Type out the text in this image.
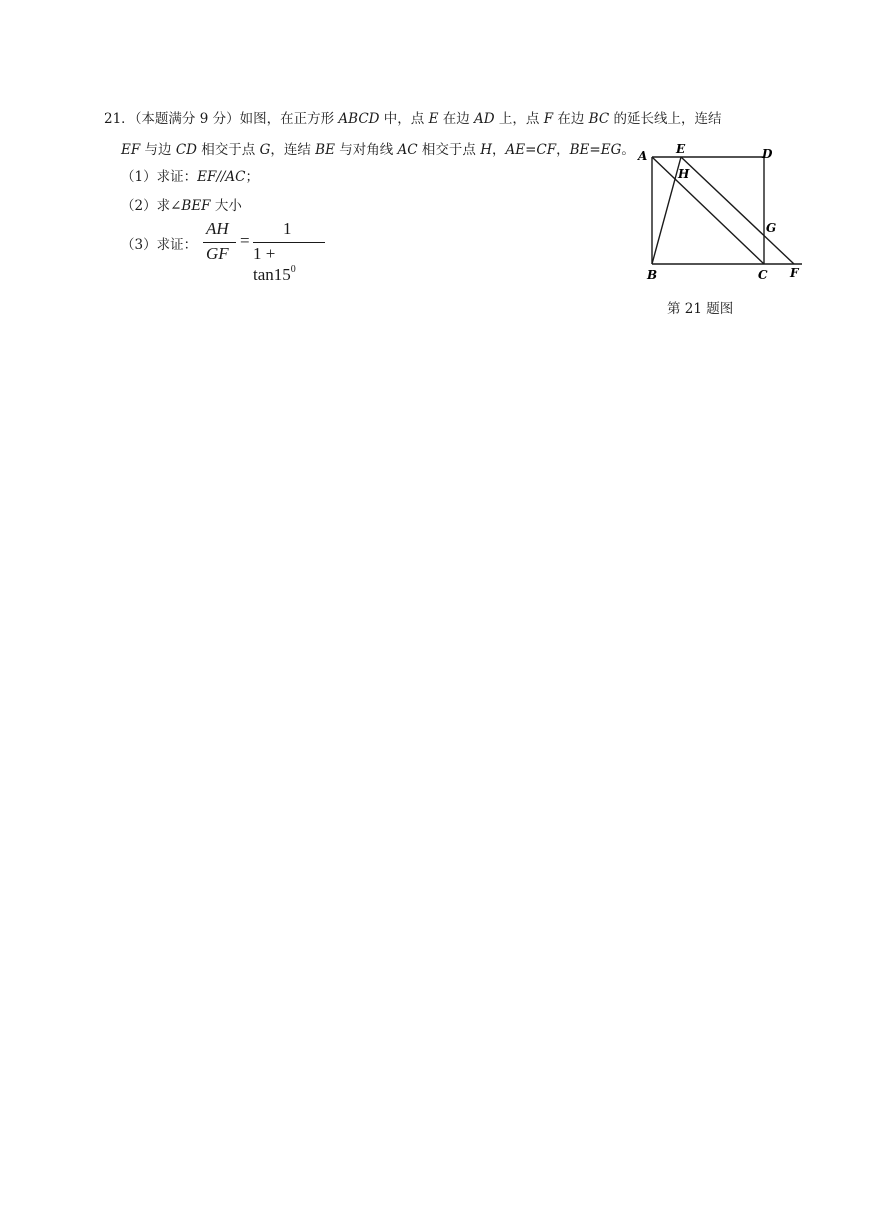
21．（本题满分 9 分）如图，在正方形 ABCD 中，点 E 在边 AD 上，点 F 在边 BC 的延长线上，连结
EF 与边 CD 相交于点 G，连结 BE 与对角线 AC 相交于点 H，AE=CF，BE=EG。
（1）求证：EF//AC；
（2）求∠BEF 大小
（3）求证：
AH
GF
=
1
$1 + \tan 15^0$
A E	D
H
G
B	C F
第 21 题图
